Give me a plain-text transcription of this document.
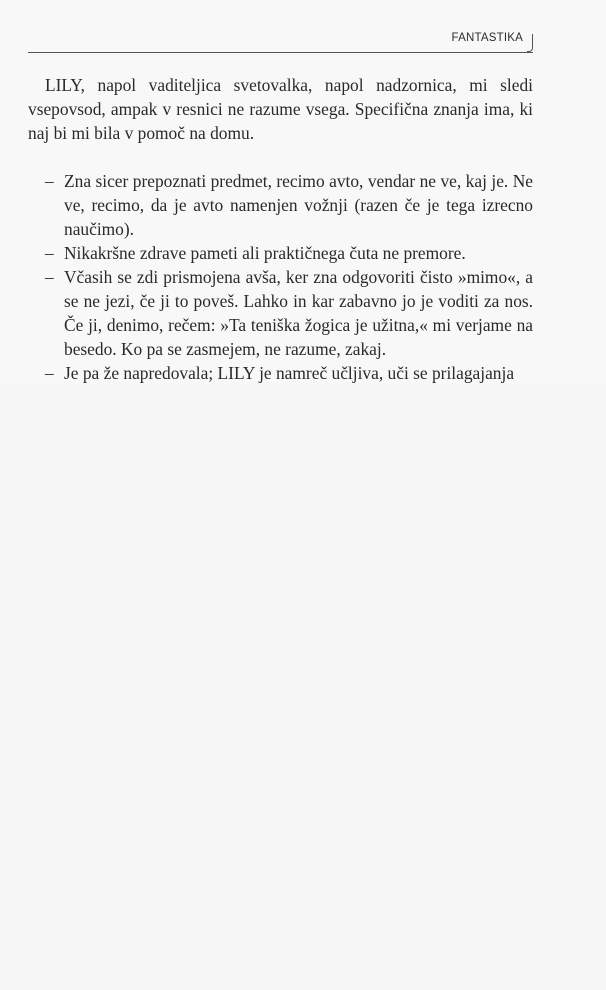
FANTASTIKA

LILY, napol vaditeljica svetovalka, napol nadzornica, mi sledi vsepovsod, ampak v resnici ne razume vsega. Specifična znanja ima, ki naj bi mi bila v pomoč na domu.

– Zna sicer prepoznati predmet, recimo avto, vendar ne ve, kaj je. Ne ve, recimo, da je avto namenjen vožnji (razen če je tega izrecno naučimo).
– Nikakršne zdrave pameti ali praktičnega čuta ne premore.
– Včasih se zdi prismojena avša, ker zna odgovoriti čisto »mimo«, a se ne jezi, če ji to poveš. Lahko in kar zabavno jo je voditi za nos. Če ji, denimo, rečem: »Ta teniška žogica je užitna,« mi verjame na besedo. Ko pa se zasmejem, ne razume, zakaj.
– Je pa že napredovala; LILY je namreč učljiva, uči se prilagajanja
